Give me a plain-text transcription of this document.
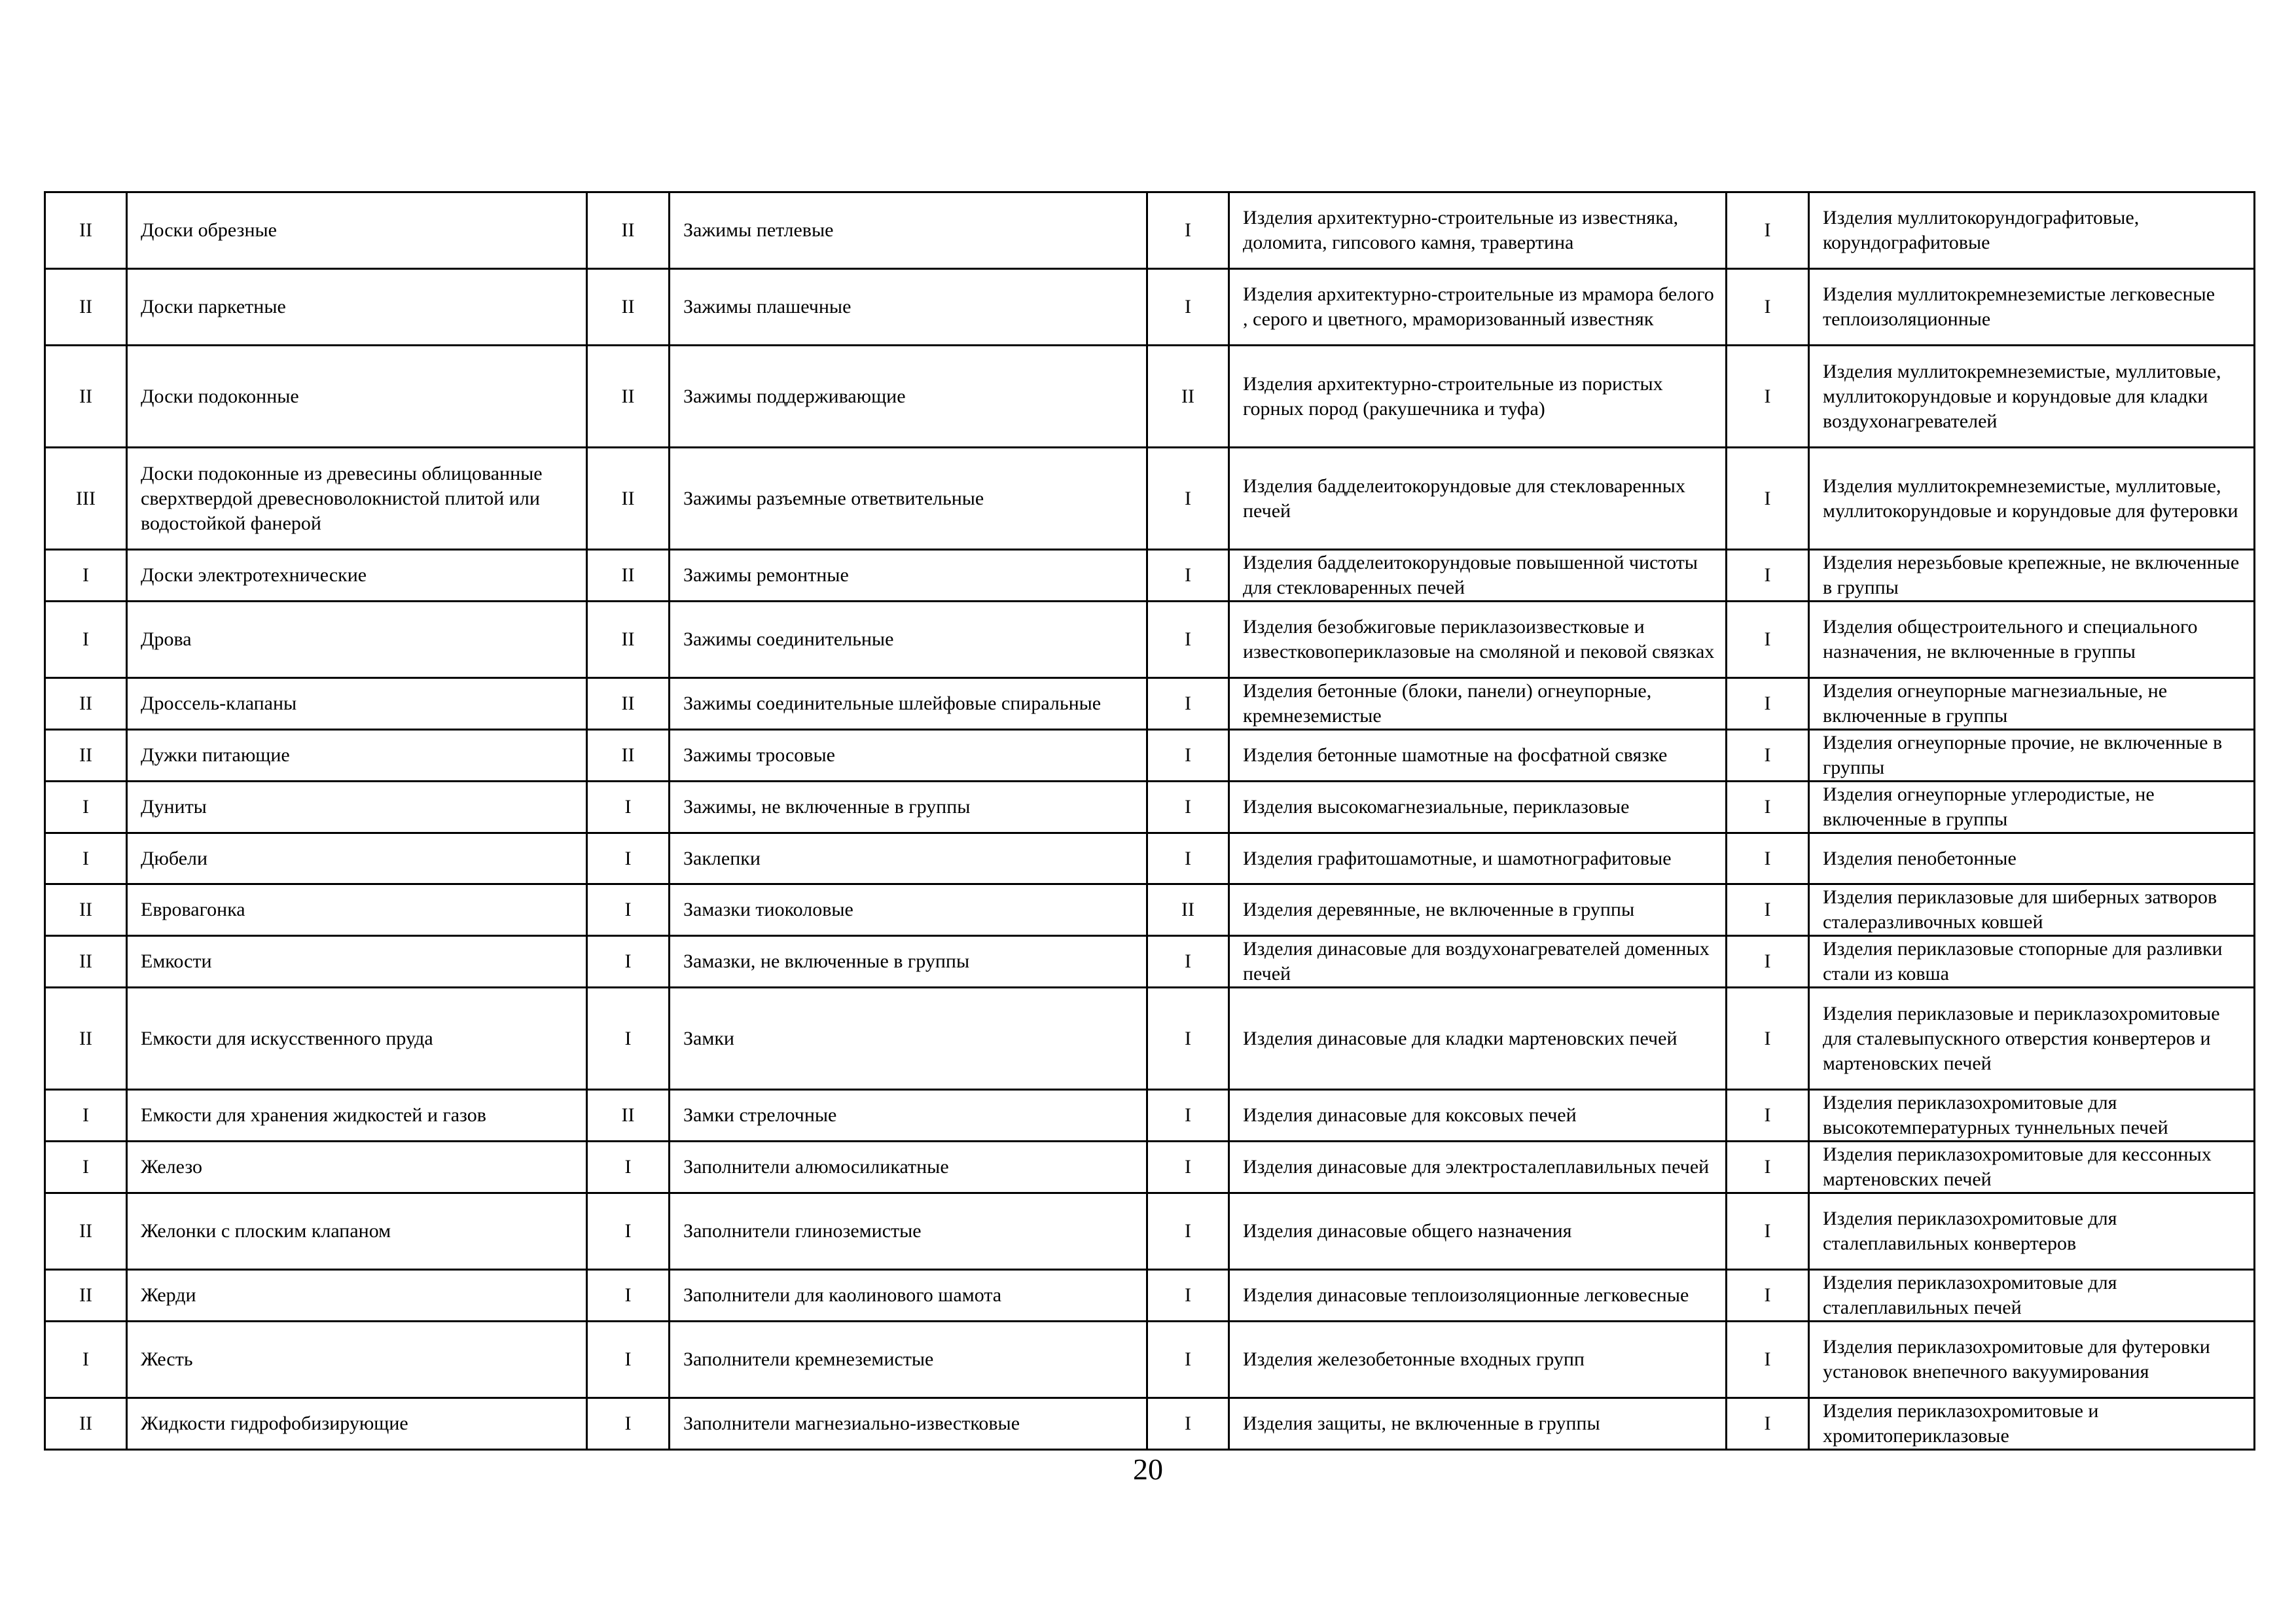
II	Доски обрезные	II	Зажимы петлевые	I	Изделия архитектурно-строительные из известняка, доломита, гипсового камня, травертина	I	Изделия муллитокорундографитовые, корундографитовые
II	Доски паркетные	II	Зажимы плашечные	I	Изделия архитектурно-строительные из мрамора белого , серого и цветного, мраморизованный известняк	I	Изделия муллитокремнеземистые легковесные теплоизоляционные
II	Доски подоконные	II	Зажимы поддерживающие	II	Изделия архитектурно-строительные из пористых горных пород (ракушечника и туфа)	I	Изделия муллитокремнеземистые, муллитовые, муллитокорундовые и корундовые для кладки воздухонагревателей
III	Доски подоконные из древесины облицованные сверхтвердой древесноволокнистой плитой или водостойкой фанерой	II	Зажимы разъемные ответвительные	I	Изделия бадделеитокорундовые для стекловаренных печей	I	Изделия муллитокремнеземистые, муллитовые, муллитокорундовые и корундовые для футеровки
I	Доски электротехнические	II	Зажимы ремонтные	I	Изделия бадделеитокорундовые повышенной чистоты для стекловаренных печей	I	Изделия нерезьбовые крепежные, не включенные в группы
I	Дрова	II	Зажимы соединительные	I	Изделия безобжиговые периклазоизвестковые и известковопериклазовые на смоляной и пековой связках	I	Изделия общестроительного и специального назначения, не включенные в группы
II	Дроссель-клапаны	II	Зажимы соединительные шлейфовые спиральные	I	Изделия бетонные (блоки, панели) огнеупорные, кремнеземистые	I	Изделия огнеупорные магнезиальные, не включенные в группы
II	Дужки питающие	II	Зажимы тросовые	I	Изделия бетонные шамотные на фосфатной связке	I	Изделия огнеупорные прочие, не включенные в группы
I	Дуниты	I	Зажимы, не включенные в группы	I	Изделия высокомагнезиальные, периклазовые	I	Изделия огнеупорные углеродистые, не включенные в группы
I	Дюбели	I	Заклепки	I	Изделия графитошамотные, и шамотнографитовые	I	Изделия пенобетонные
II	Евровагонка	I	Замазки тиоколовые	II	Изделия деревянные, не включенные в группы	I	Изделия периклазовые для шиберных затворов сталеразливочных ковшей
II	Емкости	I	Замазки, не включенные в группы	I	Изделия динасовые для воздухонагревателей доменных печей	I	Изделия периклазовые стопорные для разливки стали из ковша
II	Емкости для искусственного пруда	I	Замки	I	Изделия динасовые для кладки мартеновских печей	I	Изделия периклазовые и периклазохромитовые для сталевыпускного отверстия конвертеров и мартеновских печей
I	Емкости для хранения жидкостей и газов	II	Замки стрелочные	I	Изделия динасовые для коксовых печей	I	Изделия периклазохромитовые для высокотемпературных туннельных печей
I	Железо	I	Заполнители алюмосиликатные	I	Изделия динасовые для электросталеплавильных печей	I	Изделия периклазохромитовые для кессонных мартеновских печей
II	Желонки с плоским клапаном	I	Заполнители глиноземистые	I	Изделия динасовые общего назначения	I	Изделия периклазохромитовые для сталеплавильных конвертеров
II	Жерди	I	Заполнители для каолинового шамота	I	Изделия динасовые теплоизоляционные легковесные	I	Изделия периклазохромитовые для сталеплавильных печей
I	Жесть	I	Заполнители кремнеземистые	I	Изделия железобетонные входных групп	I	Изделия периклазохромитовые для футеровки установок внепечного вакуумирования
II	Жидкости гидрофобизирующие	I	Заполнители магнезиально-известковые	I	Изделия защиты, не включенные в группы	I	Изделия периклазохромитовые и хромитопериклазовые
20
